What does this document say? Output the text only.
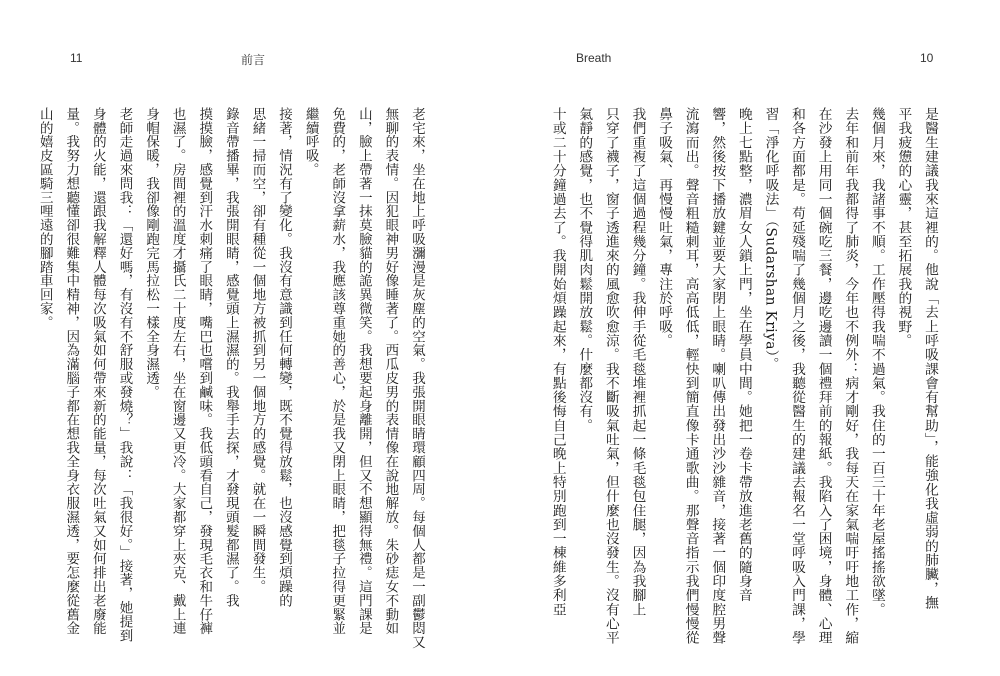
11	前言
老宅來，坐在地上呼吸瀰漫是灰塵的空氣。我張開眼睛環顧四周。每個人都是一副鬱悶又
無聊的表情。因犯眼神男好像睡著了。西瓜皮男的表情像在說地解放。朱砂痣女不動如
山，臉上帶著一抹莫臉貓的詭異微笑。我想要起身離開，但又不想顯得無禮。這門課是
免費的，老師沒拿薪水，我應該尊重她的善心，於是我又閉上眼睛，把毯子拉得更緊並
繼續呼吸。
接著，情況有了變化。我沒有意識到任何轉變，既不覺得放鬆，也沒感覺到煩躁的
思緒一掃而空，卻有種從一個地方被抓到另一個地方的感覺。就在一瞬間發生。
錄音帶播畢，我張開眼睛，感覺頭上濕濕的。我舉手去探，才發現頭髮都濕了。我
摸摸臉，感覺到汗水刺痛了眼睛，嘴巴也嚐到鹹味。我低頭看自己，發現毛衣和牛仔褲
也濕了。房間裡的溫度才攝氏二十度左右，坐在窗邊又更冷。大家都穿上夾克、戴上連
身帽保暖，我卻像剛跑完馬拉松一樣全身濕透。
老師走過來問我：「還好嗎，有沒有不舒服或發燒？」我說：「我很好。」接著，她提到
身體的火能，還跟我解釋人體每次吸氣如何帶來新的能量，每次吐氣又如何排出老廢能
量。我努力想聽懂卻很難集中精神，因為滿腦子都在想我全身衣服濕透，要怎麼從舊金
山的嬉皮區騎三哩遠的腳踏車回家。
Breath	10
是醫生建議我來這裡的。他說「去上呼吸課會有幫助」，能強化我虛弱的肺臟，撫
平我疲憊的心靈，甚至拓展我的視野。
幾個月來，我諸事不順。工作壓得我喘不過氣。我住的一百三十年老屋搖搖欲墜。
去年和前年我都得了肺炎，今年也不例外：病才剛好，我每天在家氣喘吁吁地工作，縮
在沙發上用同一個碗吃三餐，邊吃邊讀一個禮拜前的報紙。我陷入了困境，身體、心理
和各方面都是。苟延殘喘了幾個月之後，我聽從醫生的建議去報名一堂呼吸入門課，學
習「淨化呼吸法」（Sudarshan Kriya）。
晚上七點整，濃眉女人鎖上門，坐在學員中間。她把一卷卡帶放進老舊的隨身音
響，然後按下播放鍵並要大家閉上眼睛。喇叭傳出發出沙沙雜音，接著一個印度腔男聲
流瀉而出。聲音粗糙刺耳，高高低低，輕快到簡直像卡通歌曲。那聲音指示我們慢慢從
鼻子吸氣、再慢慢吐氣，專注於呼吸。
我們重複了這個過程幾分鐘。我伸手從毛毯堆裡抓起一條毛毯包住腿，因為我腳上
只穿了襪子，窗子透進來的風愈吹愈涼。我不斷吸氣吐氣，但什麼也沒發生。沒有心平
氣靜的感覺，也不覺得肌肉鬆開放鬆。什麼都沒有。
十或二十分鐘過去了。我開始煩躁起來，有點後悔自己晚上特別跑到一棟維多利亞
